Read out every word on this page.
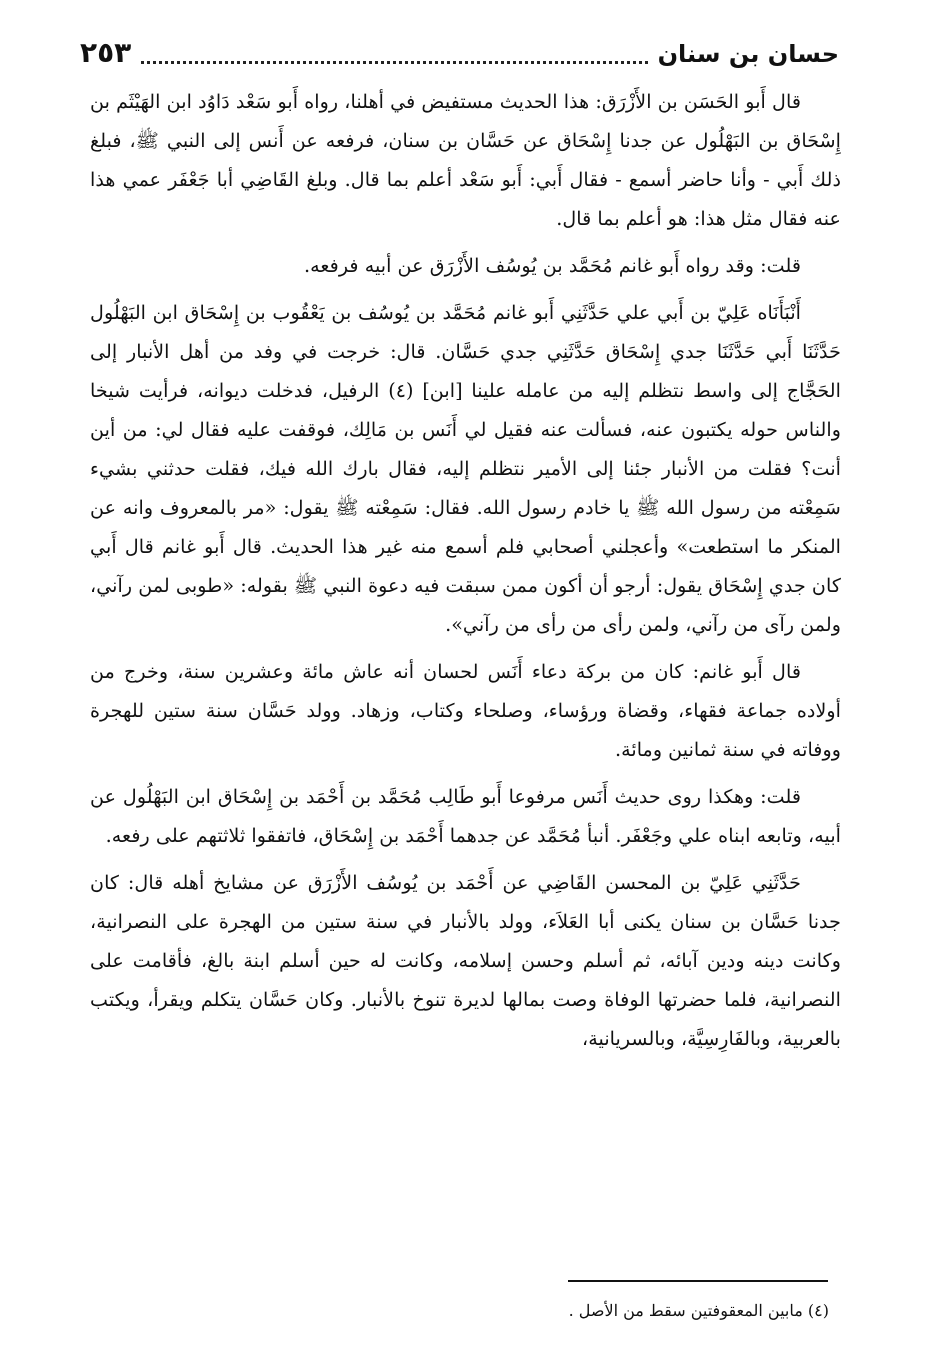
حسان بن سنان
٢٥٣

قال أَبو الحَسَن بن الأَزْرَق: هذا الحديث مستفيض في أهلنا، رواه أَبو سَعْد دَاوُد ابن الهَيْثَم بن إِسْحَاق بن البَهْلُول عن جدنا إِسْحَاق عن حَسَّان بن سنان، فرفعه عن أَنس إلى النبي ﷺ، فبلغ ذلك أَبي - وأنا حاضر أسمع - فقال أَبي: أَبو سَعْد أعلم بما قال. وبلغ القَاضِي أبا جَعْفَر عمي هذا عنه فقال مثل هذا: هو أعلم بما قال.

قلت: وقد رواه أَبو غانم مُحَمَّد بن يُوسُف الأَزْرَق عن أبيه فرفعه.

أَنْبَأَنَاه عَلِيّ بن أَبي علي حَدَّثَنِي أَبو غانم مُحَمَّد بن يُوسُف بن يَعْقُوب بن إِسْحَاق ابن البَهْلُول حَدَّثَنَا أَبي حَدَّثَنَا جدي إِسْحَاق حَدَّثَنِي جدي حَسَّان. قال: خرجت في وفد من أهل الأنبار إلى الحَجَّاج إلى واسط نتظلم إليه من عامله علينا [ابن] (٤) الرفيل، فدخلت ديوانه، فرأيت شيخا والناس حوله يكتبون عنه، فسألت عنه فقيل لي أَنَس بن مَالِك، فوقفت عليه فقال لي: من أين أنت؟ فقلت من الأنبار جئنا إلى الأمير نتظلم إليه، فقال بارك الله فيك، فقلت حدثني بشيء سَمِعْته من رسول الله ﷺ يا خادم رسول الله. فقال: سَمِعْته ﷺ يقول: «مر بالمعروف وانه عن المنكر ما استطعت» وأعجلني أصحابي فلم أسمع منه غير هذا الحديث. قال أَبو غانم قال أَبي كان جدي إِسْحَاق يقول: أرجو أن أكون ممن سبقت فيه دعوة النبي ﷺ بقوله: «طوبى لمن رآني، ولمن رآى من رآني، ولمن رأى من رأى من رآني».

قال أَبو غانم: كان من بركة دعاء أَنَس لحسان أنه عاش مائة وعشرين سنة، وخرج من أولاده جماعة فقهاء، وقضاة ورؤساء، وصلحاء وكتاب، وزهاد. وولد حَسَّان سنة ستين للهجرة ووفاته في سنة ثمانين ومائة.

قلت: وهكذا روى حديث أَنَس مرفوعا أَبو طَالِب مُحَمَّد بن أَحْمَد بن إِسْحَاق ابن البَهْلُول عن أبيه، وتابعه ابناه علي وجَعْفَر. أنبأ مُحَمَّد عن جدهما أَحْمَد بن إِسْحَاق، فاتفقوا ثلاثتهم على رفعه.

حَدَّثَنِي عَلِيّ بن المحسن القَاضِي عن أَحْمَد بن يُوسُف الأَزْرَق عن مشايخ أهله قال: كان جدنا حَسَّان بن سنان يكنى أبا العَلاَء، وولد بالأنبار في سنة ستين من الهجرة على النصرانية، وكانت دينه ودين آبائه، ثم أسلم وحسن إسلامه، وكانت له حين أسلم ابنة بالغ، فأقامت على النصرانية، فلما حضرتها الوفاة وصت بمالها لديرة تنوخ بالأنبار. وكان حَسَّان يتكلم ويقرأ، ويكتب بالعربية، وبالفَارِسِيَّة، وبالسريانية،

(٤) مابين المعقوفتين سقط من الأصل .
